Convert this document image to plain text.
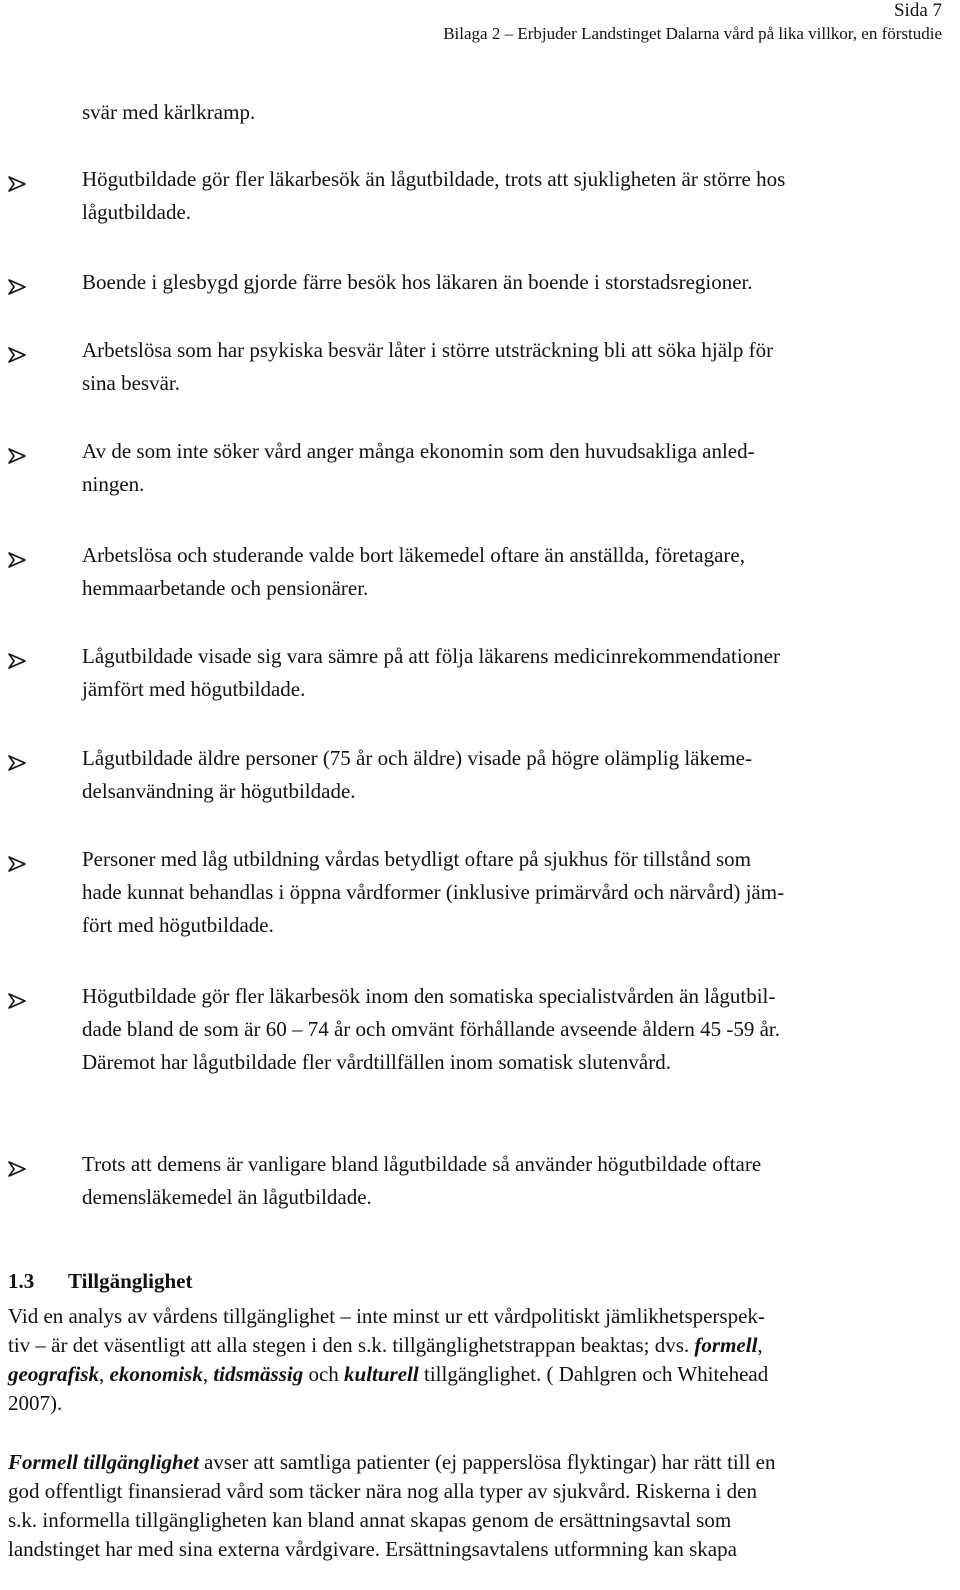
Sida 7
Bilaga 2 – Erbjuder Landstinget Dalarna vård på lika villkor, en förstudie
svär med kärlkramp.
Högutbildade gör fler läkarbesök än lågutbildade, trots att sjukligheten är större hos
lågutbildade.
Boende i glesbygd gjorde färre besök hos läkaren än boende i storstadsregioner.
Arbetslösa som har psykiska besvär låter i större utsträckning bli att söka hjälp för
sina besvär.
Av de som inte söker vård anger många ekonomin som den huvudsakliga anled-
ningen.
Arbetslösa och studerande valde bort läkemedel oftare än anställda, företagare,
hemmaarbetande och pensionärer.
Lågutbildade visade sig vara sämre på att följa läkarens medicinrekommendationer
jämfört med högutbildade.
Lågutbildade äldre personer (75 år och äldre) visade på högre olämplig läkeme-
delsanvändning är högutbildade.
Personer med låg utbildning vårdas betydligt oftare på sjukhus för tillstånd som
hade kunnat behandlas i öppna vårdformer (inklusive primärvård och närvård) jäm-
fört med högutbildade.
Högutbildade gör fler läkarbesök inom den somatiska specialistvården än lågutbil-
dade bland de som är 60 – 74 år och omvänt förhållande avseende åldern 45 -59 år.
Däremot har lågutbildade fler vårdtillfällen inom somatisk slutenvård.
Trots att demens är vanligare bland lågutbildade så använder högutbildade oftare
demensläkemedel än lågutbildade.
1.3 Tillgänglighet
Vid en analys av vårdens tillgänglighet – inte minst ur ett vårdpolitiskt jämlikhetsperspek-
tiv – är det väsentligt att alla stegen i den s.k. tillgänglighetstrappan beaktas; dvs. formell,
geografisk, ekonomisk, tidsmässig och kulturell tillgänglighet. ( Dahlgren och Whitehead
2007).
Formell tillgänglighet avser att samtliga patienter (ej papperslösa flyktingar) har rätt till en
god offentligt finansierad vård som täcker nära nog alla typer av sjukvård. Riskerna i den
s.k. informella tillgängligheten kan bland annat skapas genom de ersättningsavtal som
landstinget har med sina externa vårdgivare. Ersättningsavtalens utformning kan skapa
